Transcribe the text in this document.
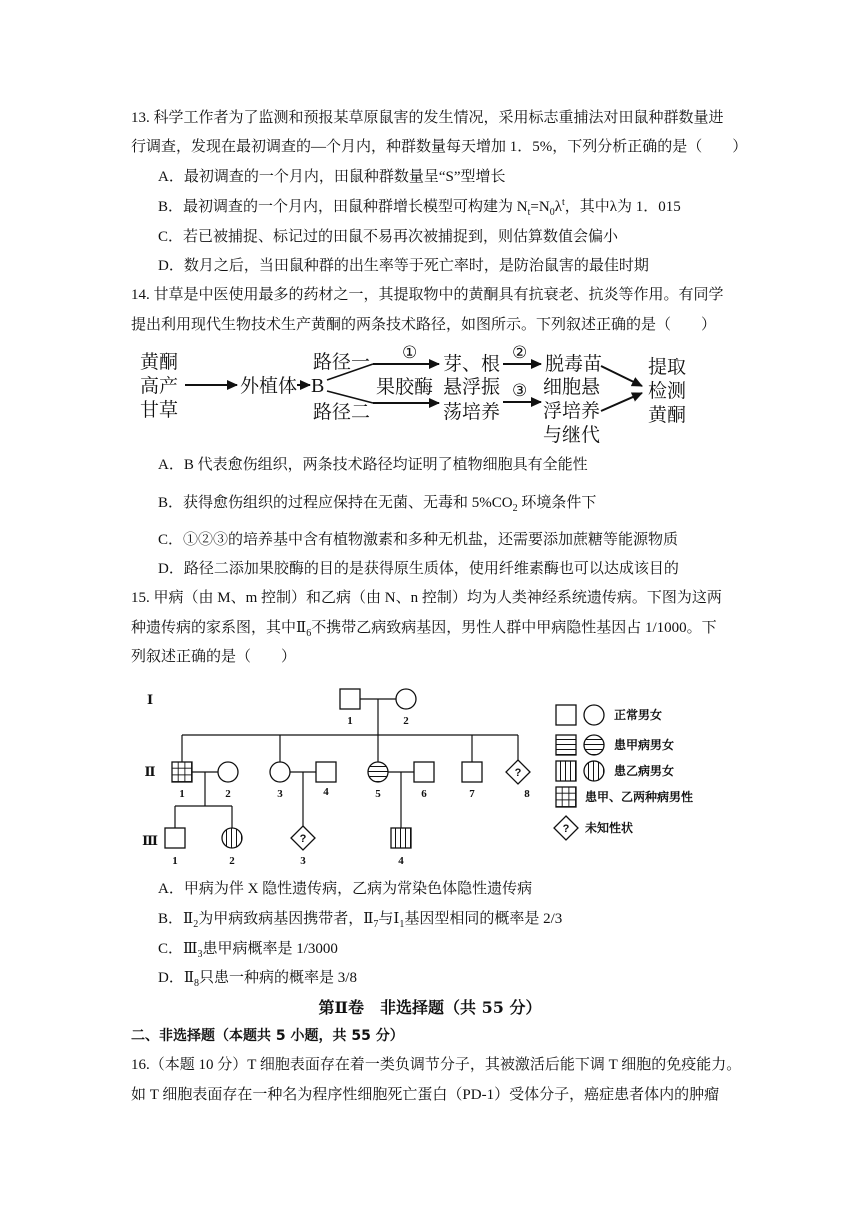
13. 科学工作者为了监测和预报某草原鼠害的发生情况，采用标志重捕法对田鼠种群数量进
行调查，发现在最初调查的—个月内，种群数量每天增加 1．5%，下列分析正确的是（　　）
A．最初调查的一个月内，田鼠种群数量呈“S”型增长
B．最初调查的一个月内，田鼠种群增长模型可构建为 $N_t=N_0\lambda^t$，其中λ为 1．015
C．若已被捕捉、标记过的田鼠不易再次被捕捉到，则估算数值会偏小
D．数月之后，当田鼠种群的出生率等于死亡率时，是防治鼠害的最佳时期
14. 甘草是中医使用最多的药材之一，其提取物中的黄酮具有抗衰老、抗炎等作用。有同学
提出利用现代生物技术生产黄酮的两条技术路径，如图所示。下列叙述正确的是（　　）
黄酮
高产
甘草
外植体 B
路径一
路径二
① 芽、根 ② 脱毒苗
果胶酶 悬浮振
荡培养
③ 细胞悬
浮培养
与继代
提取
检测
黄酮
A．B 代表愈伤组织，两条技术路径均证明了植物细胞具有全能性
B．获得愈伤组织的过程应保持在无菌、无毒和 $5\%CO_2$ 环境条件下
C．①②③的培养基中含有植物激素和多种无机盐，还需要添加蔗糖等能源物质
D．路径二添加果胶酶的目的是获得原生质体，使用纤维素酶也可以达成该目的
15. 甲病（由 M、m 控制）和乙病（由 N、n 控制）均为人类神经系统遗传病。下图为这两
种遗传病的家系图，其中$Ⅱ_6$不携带乙病致病基因，男性人群中甲病隐性基因占 1/1000。下
列叙述正确的是（　　）
Ⅰ
Ⅱ
Ⅲ
1	2
?
1	2	3	4	5	6	7	8
?
1	2	3	4
正常男女
患甲病男女
患乙病男女
患甲、乙两种病男性
? 未知性状
A．甲病为伴 X 隐性遗传病，乙病为常染色体隐性遗传病
B．$Ⅱ_2$为甲病致病基因携带者，$Ⅱ_7$与$Ⅰ_1$基因型相同的概率是 2/3
C．$Ⅲ_3$患甲病概率是 1/3000
D．$Ⅱ_8$只患一种病的概率是 3/8
第Ⅱ卷　非选择题（共 55 分）
二、非选择题（本题共 5 小题，共 55 分）
16.（本题 10 分）T 细胞表面存在着一类负调节分子，其被激活后能下调 T 细胞的免疫能力。
如 T 细胞表面存在一种名为程序性细胞死亡蛋白（PD-1）受体分子，癌症患者体内的肿瘤
